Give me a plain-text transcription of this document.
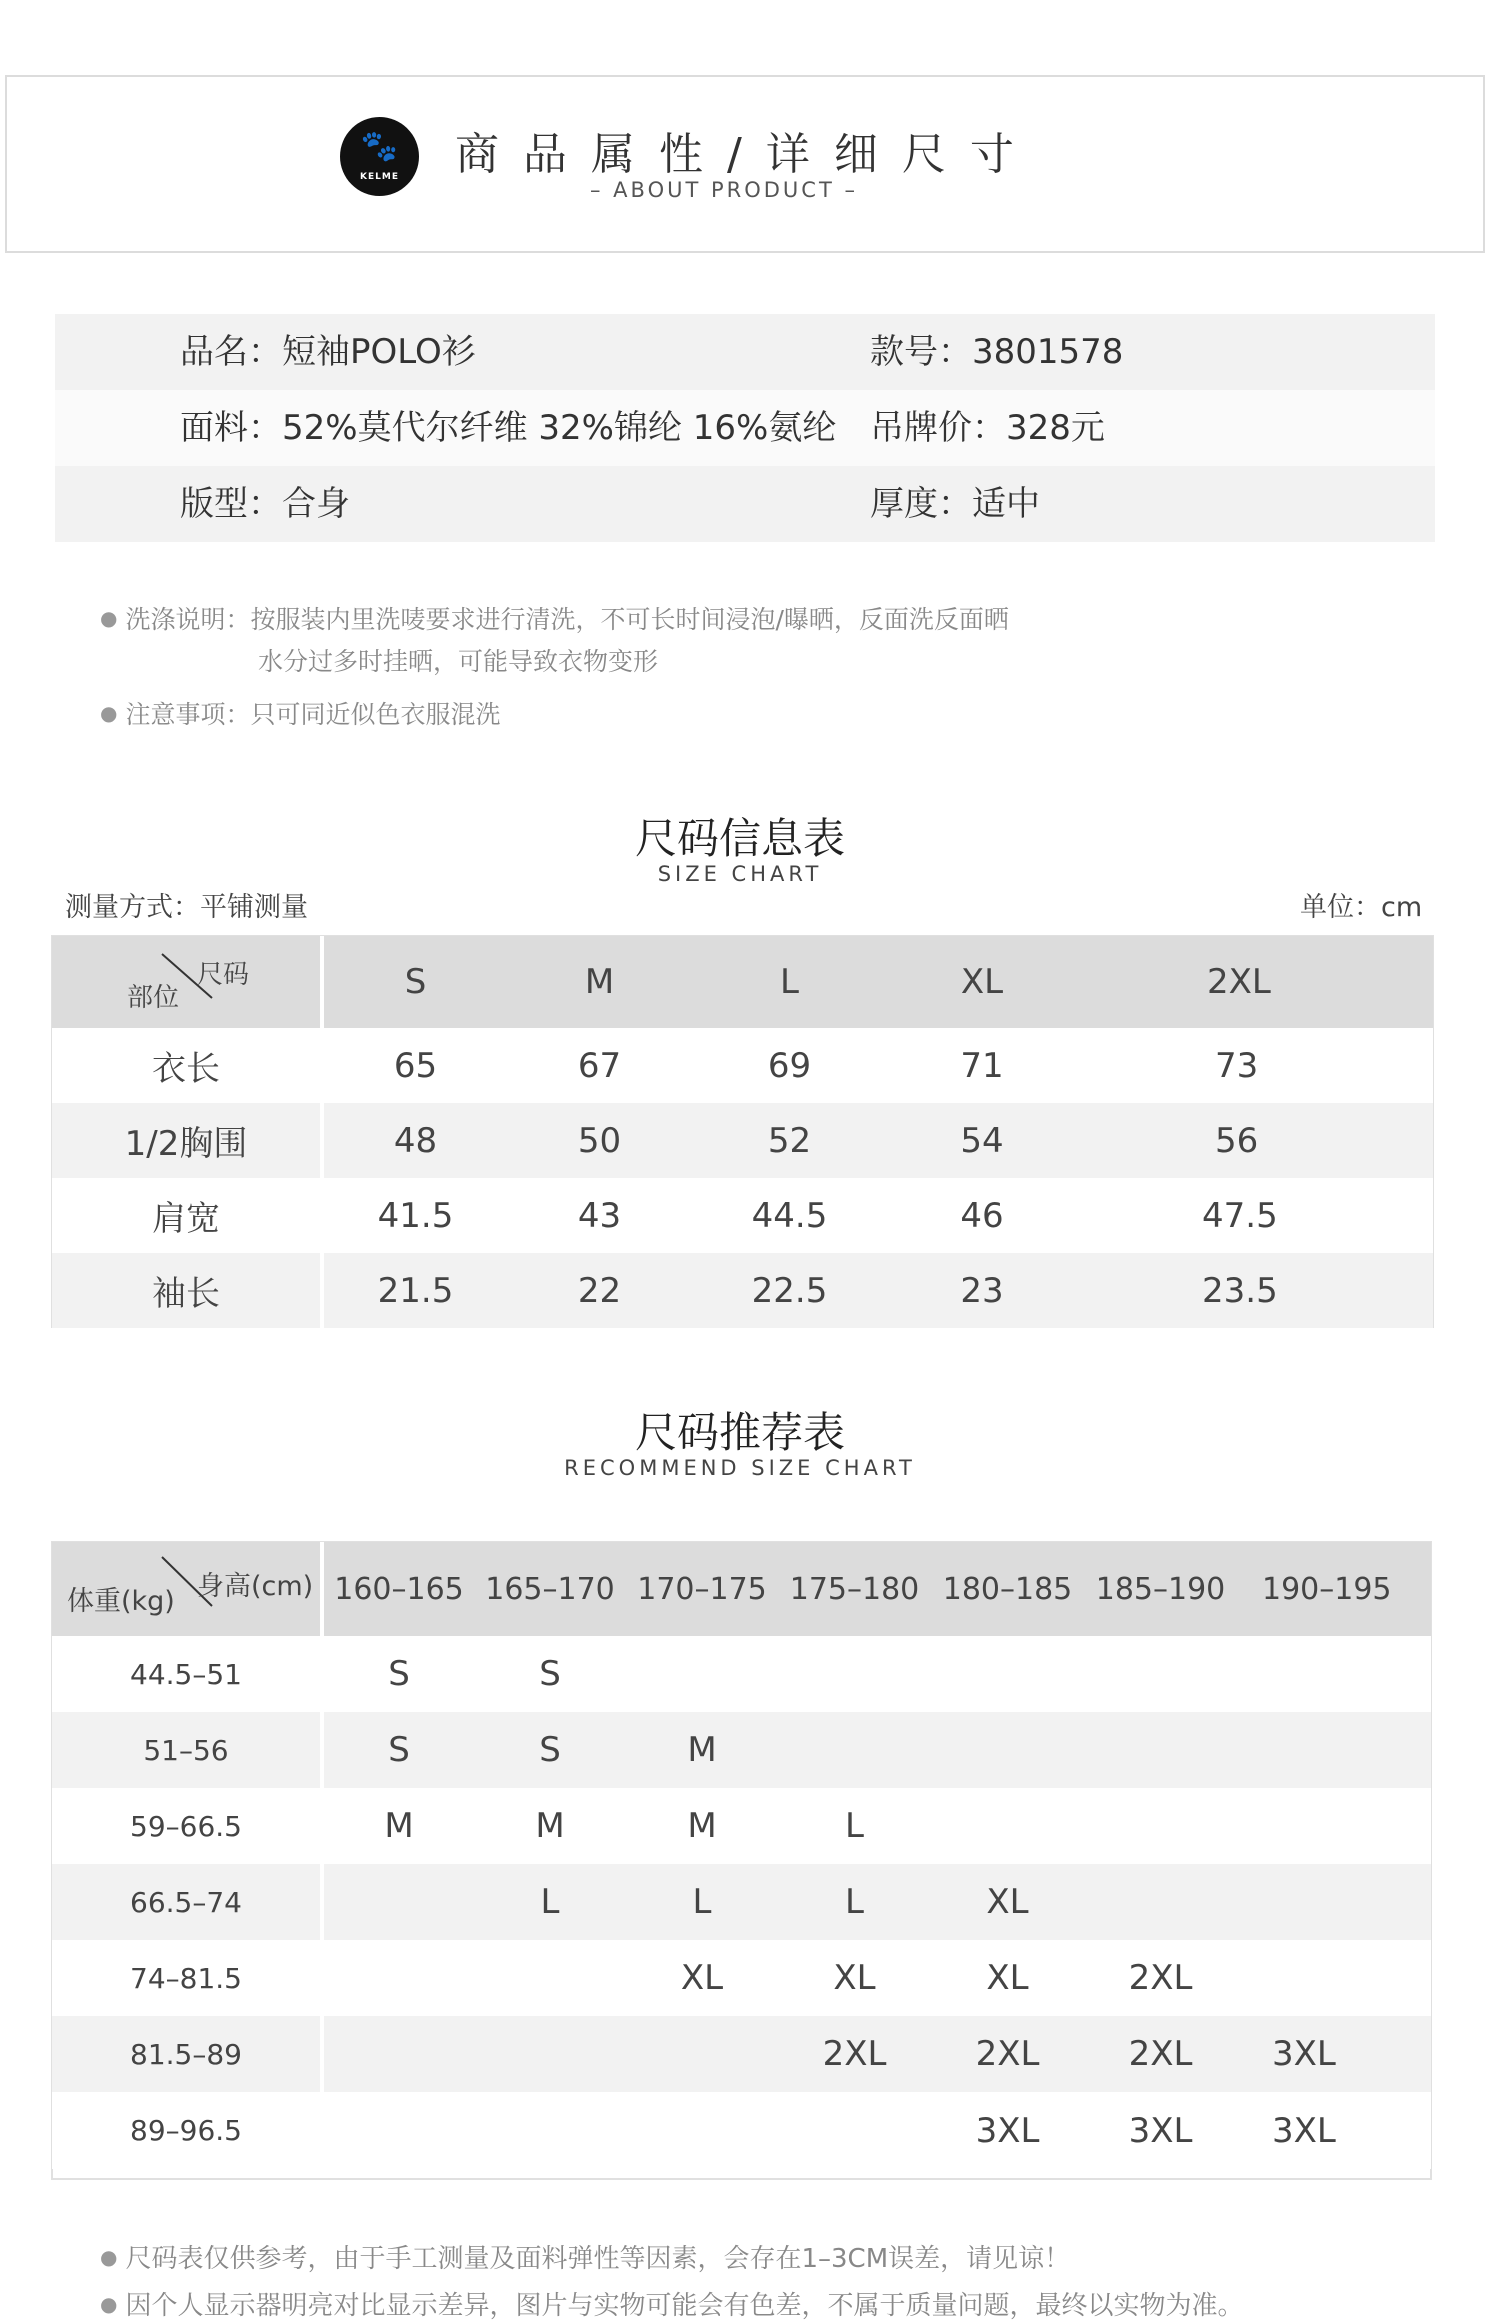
🐾
KELME	商品属性/详细尺寸
– ABOUT PRODUCT –
品名：短袖POLO衫	款号：3801578
面料：52%莫代尔纤维 32%锦纶 16%氨纶 吊牌价：328元
版型：合身	厚度：适中
● 洗涤说明：按服装内里洗唛要求进行清洗，不可长时间浸泡/曝晒，反面洗反面晒
水分过多时挂晒，可能导致衣物变形
● 注意事项：只可同近似色衣服混洗
尺码信息表
SIZE CHART
测量方式：平铺测量	单位：cm
尺码
部位	S	M	L	XL	2XL
衣长	65	67	69	71	73
1/2胸围	48	50	52	54	56
肩宽	41.5	43	44.5	46	47.5
袖长	21.5	22	22.5	23	23.5
尺码推荐表
RECOMMEND SIZE CHART
身高(cm)
体重(kg)	160–165	165–170	170–175	175–180	180–185	185–190	190–195
44.5–51	S	S					
51–56	S	S	M				
59–66.5	M	M	M	L			
66.5–74		L	L	L	XL		
74–81.5			XL	XL	XL	2XL	
81.5–89				2XL	2XL	2XL	3XL
89–96.5					3XL	3XL	3XL
● 尺码表仅供参考，由于手工测量及面料弹性等因素，会存在1–3CM误差，请见谅！
● 因个人显示器明亮对比显示差异，图片与实物可能会有色差，不属于质量问题，最终以实物为准。
